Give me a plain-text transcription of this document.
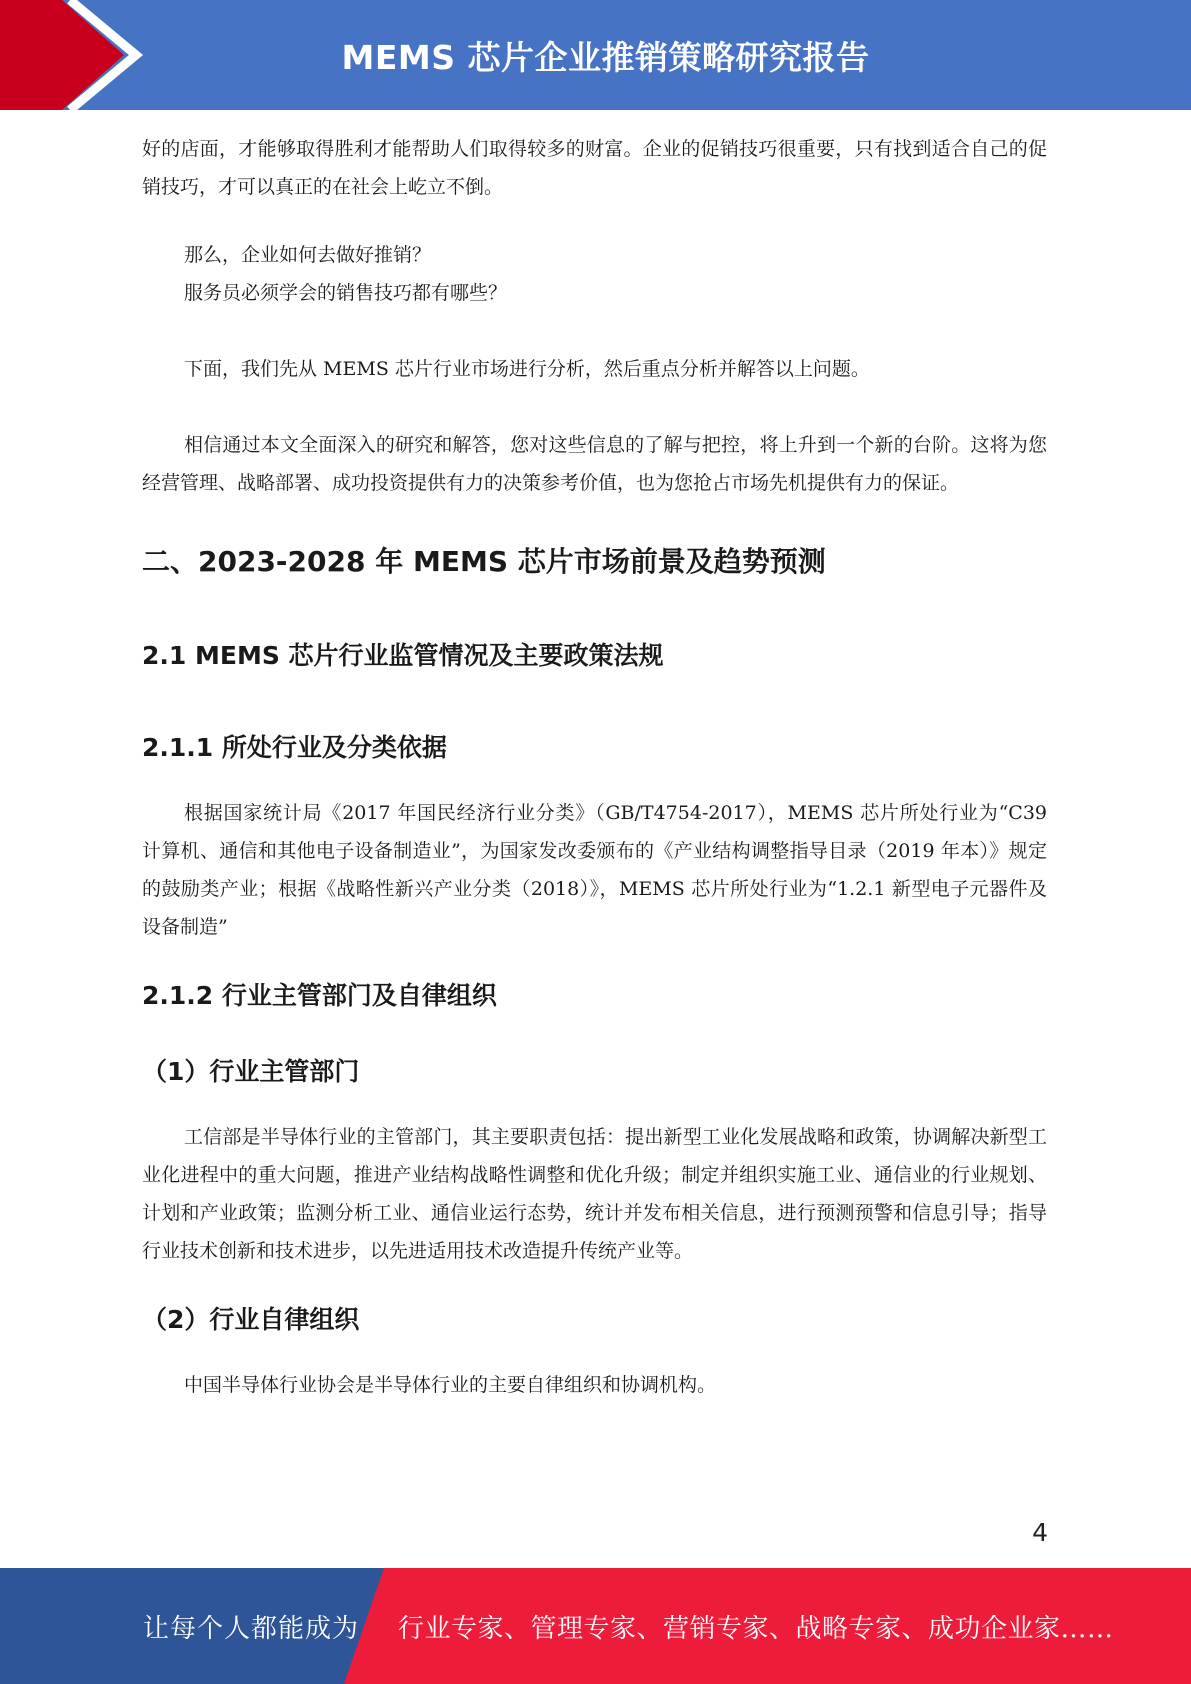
MEMS 芯片企业推销策略研究报告

好的店面，才能够取得胜利才能帮助人们取得较多的财富。企业的促销技巧很重要，只有找到适合自己的促销技巧，才可以真正的在社会上屹立不倒。

那么，企业如何去做好推销？

服务员必须学会的销售技巧都有哪些？

下面，我们先从 MEMS 芯片行业市场进行分析，然后重点分析并解答以上问题。

相信通过本文全面深入的研究和解答，您对这些信息的了解与把控，将上升到一个新的台阶。这将为您经营管理、战略部署、成功投资提供有力的决策参考价值，也为您抢占市场先机提供有力的保证。

二、2023-2028 年 MEMS 芯片市场前景及趋势预测
2.1 MEMS 芯片行业监管情况及主要政策法规
2.1.1 所处行业及分类依据

根据国家统计局《2017 年国民经济行业分类》（GB/T4754-2017），MEMS 芯片所处行业为“C39 计算机、通信和其他电子设备制造业”，为国家发改委颁布的《产业结构调整指导目录（2019 年本）》规定的鼓励类产业；根据《战略性新兴产业分类（2018）》，MEMS 芯片所处行业为“1.2.1 新型电子元器件及设备制造”

2.1.2 行业主管部门及自律组织
（1）行业主管部门

工信部是半导体行业的主管部门，其主要职责包括：提出新型工业化发展战略和政策，协调解决新型工业化进程中的重大问题，推进产业结构战略性调整和优化升级；制定并组织实施工业、通信业的行业规划、计划和产业政策；监测分析工业、通信业运行态势，统计并发布相关信息，进行预测预警和信息引导；指导行业技术创新和技术进步，以先进适用技术改造提升传统产业等。

（2）行业自律组织

中国半导体行业协会是半导体行业的主要自律组织和协调机构。

4
让每个人都能成为 行业专家、管理专家、营销专家、战略专家、成功企业家……
